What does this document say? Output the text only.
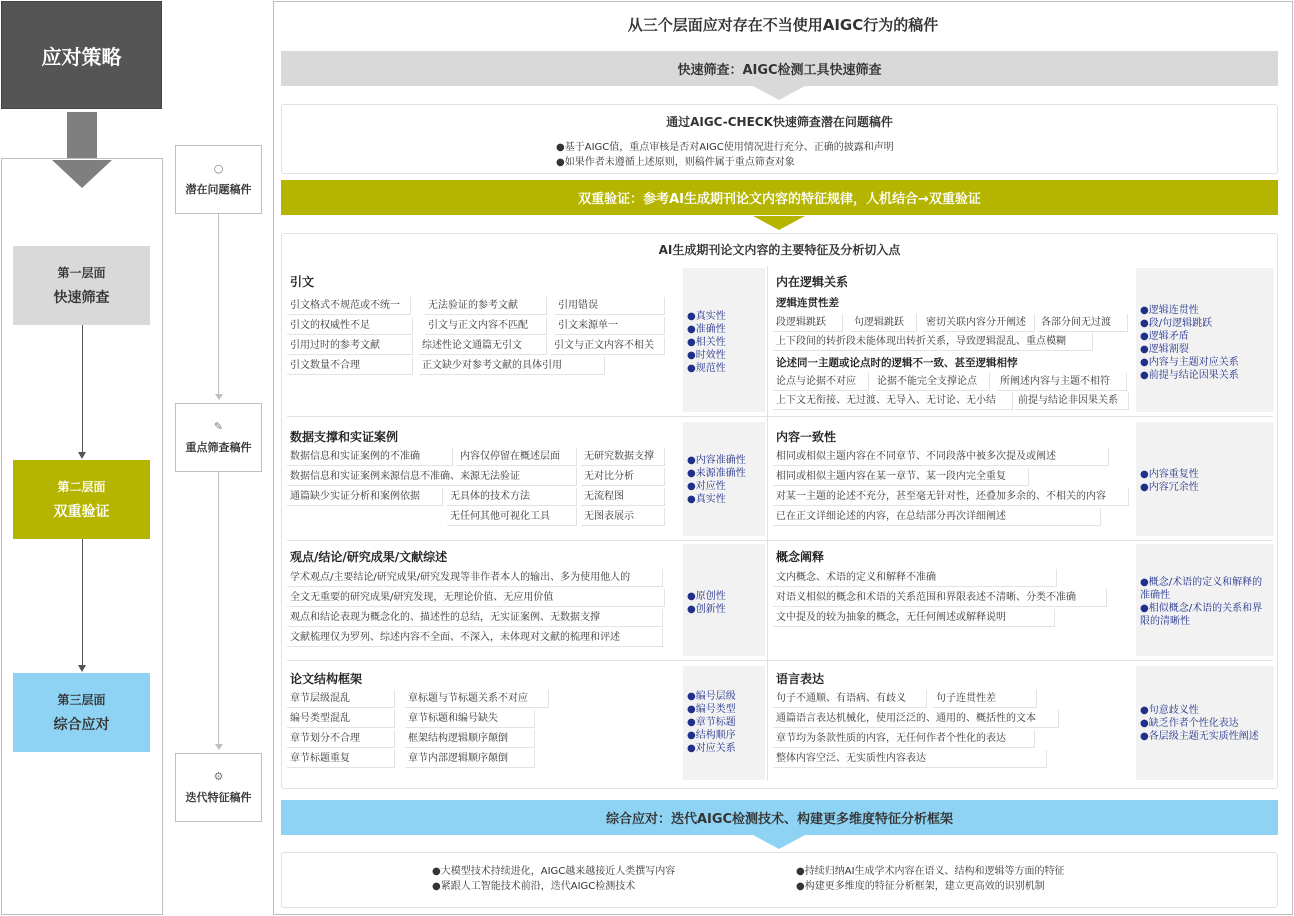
应对策略
第一层面
快速筛查
第二层面
双重验证
第三层面
综合应对
○
潜在问题稿件
✎
重点筛查稿件
⚙
迭代特征稿件
从三个层面应对存在不当使用AIGC行为的稿件
快速筛查：AIGC检测工具快速筛查
通过AIGC-CHECK快速筛查潜在问题稿件
●基于AIGC值，重点审核是否对AIGC使用情况进行充分、正确的披露和声明
●如果作者未遵循上述原则，则稿件属于重点筛查对象
双重验证：参考AI生成期刊论文内容的特征规律，人机结合→双重验证
AI生成期刊论文内容的主要特征及分析切入点
引文
引文格式不规范或不统一	无法验证的参考文献	引用错误
引文的权威性不足	引文与正文内容不匹配	引文来源单一
引用过时的参考文献	综述性论文通篇无引文	引文与正文内容不相关
引文数量不合理	正文缺少对参考文献的具体引用
●真实性
●准确性
●相关性
●时效性
●规范性
内在逻辑关系
逻辑连贯性差
段逻辑跳跃	句逻辑跳跃	密切关联内容分开阐述	各部分间无过渡
上下段间的转折段未能体现出转折关系，导致逻辑混乱、重点模糊
论述同一主题或论点时的逻辑不一致、甚至逻辑相悖
论点与论据不对应	论据不能完全支撑论点	所阐述内容与主题不相符
上下文无衔接、无过渡、无导入、无讨论、无小结	前提与结论非因果关系
●逻辑连贯性
●段/句逻辑跳跃
●逻辑矛盾
●逻辑割裂
●内容与主题对应关系
●前提与结论因果关系
数据支撑和实证案例
数据信息和实证案例的不准确	内容仅停留在概述层面	无研究数据支撑
数据信息和实证案例来源信息不准确、来源无法验证	无对比分析
通篇缺少实证分析和案例依据	无具体的技术方法	无流程图
无任何其他可视化工具	无图表展示
●内容准确性
●来源准确性
●对应性
●真实性
内容一致性
相同或相似主题内容在不同章节、不同段落中被多次提及或阐述
相同或相似主题内容在某一章节、某一段内完全重复
对某一主题的论述不充分，甚至毫无针对性，还叠加多余的、不相关的内容
已在正文详细论述的内容，在总结部分再次详细阐述
●内容重复性
●内容冗余性
观点/结论/研究成果/文献综述
学术观点/主要结论/研究成果/研究发现等非作者本人的输出、多为使用他人的
全文无重要的研究成果/研究发现，无理论价值、无应用价值
观点和结论表现为概念化的、描述性的总结，无实证案例、无数据支撑
文献梳理仅为罗列、综述内容不全面、不深入，未体现对文献的梳理和评述
●原创性
●创新性
概念阐释
文内概念、术语的定义和解释不准确
对语义相似的概念和术语的关系范围和界限表述不清晰、分类不准确
文中提及的较为抽象的概念，无任何阐述或解释说明
●概念/术语的定义和解释的准确性
●相似概念/术语的关系和界限的清晰性
论文结构框架
章节层级混乱	章标题与节标题关系不对应
编号类型混乱	章节标题和编号缺失
章节划分不合理	框架结构逻辑顺序颠倒
章节标题重复	章节内部逻辑顺序颠倒
●编号层级
●编号类型
●章节标题
●结构顺序
●对应关系
语言表达
句子不通顺、有语病、有歧义	句子连贯性差
通篇语言表达机械化，使用泛泛的、通用的、概括性的文本
章节均为条款性质的内容，无任何作者个性化的表达
整体内容空泛、无实质性内容表达
●句意歧义性
●缺乏作者个性化表达
●各层级主题无实质性阐述
综合应对：迭代AIGC检测技术、构建更多维度特征分析框架
●大模型技术持续进化，AIGC越来越接近人类撰写内容
●紧跟人工智能技术前沿，迭代AIGC检测技术
●持续归纳AI生成学术内容在语义、结构和逻辑等方面的特征
●构建更多维度的特征分析框架，建立更高效的识别机制
